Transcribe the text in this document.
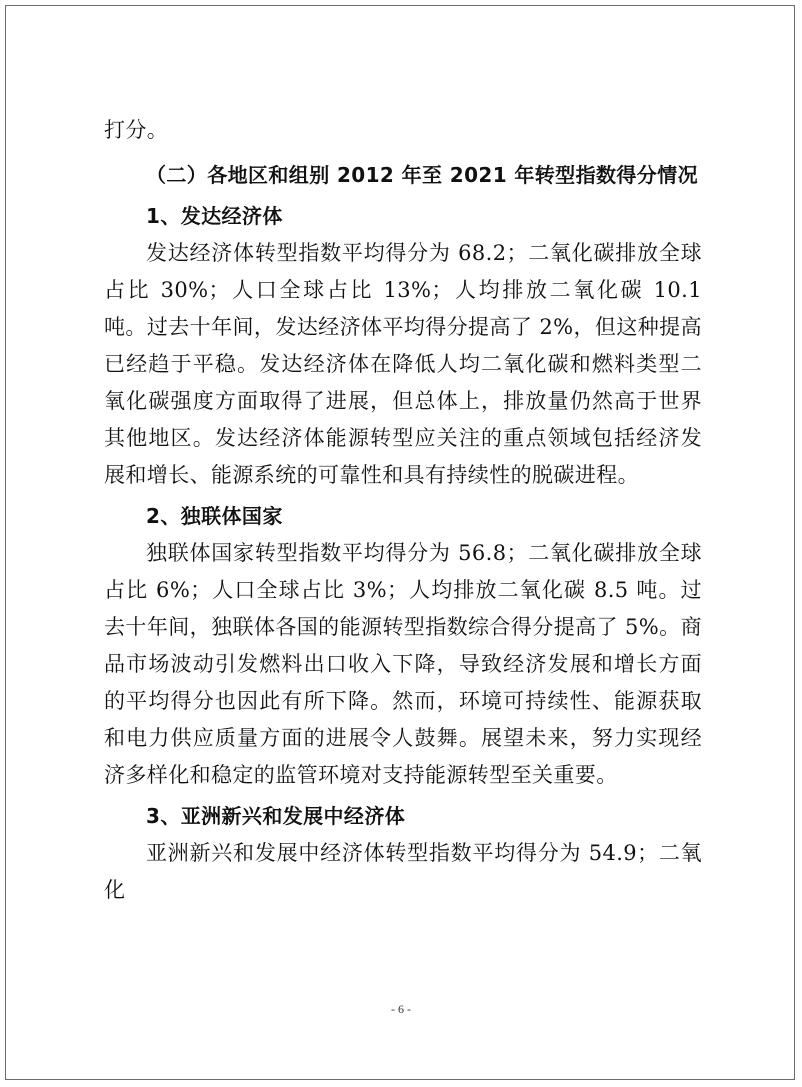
打分。

（二）各地区和组别 2012 年至 2021 年转型指数得分情况

1、发达经济体

发达经济体转型指数平均得分为 68.2；二氧化碳排放全球占比 30%；人口全球占比 13%；人均排放二氧化碳 10.1 吨。过去十年间，发达经济体平均得分提高了 2%，但这种提高已经趋于平稳。发达经济体在降低人均二氧化碳和燃料类型二氧化碳强度方面取得了进展，但总体上，排放量仍然高于世界其他地区。发达经济体能源转型应关注的重点领域包括经济发展和增长、能源系统的可靠性和具有持续性的脱碳进程。

2、独联体国家

独联体国家转型指数平均得分为 56.8；二氧化碳排放全球占比 6%；人口全球占比 3%；人均排放二氧化碳 8.5 吨。过去十年间，独联体各国的能源转型指数综合得分提高了 5%。商品市场波动引发燃料出口收入下降，导致经济发展和增长方面的平均得分也因此有所下降。然而，环境可持续性、能源获取和电力供应质量方面的进展令人鼓舞。展望未来，努力实现经济多样化和稳定的监管环境对支持能源转型至关重要。

3、亚洲新兴和发展中经济体

亚洲新兴和发展中经济体转型指数平均得分为 54.9；二氧化

- 6 -
